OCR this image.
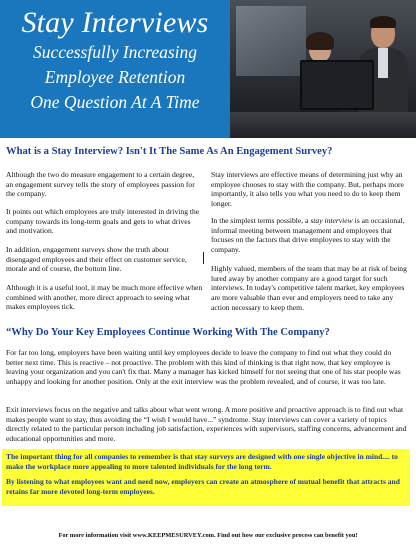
Stay Interviews
Successfully Increasing
Employee Retention
One Question At A Time
What is a Stay Interview? Isn't It The Same As An Engagement Survey?

Although the two do measure engagement to a certain degree, an engagement survey tells the story of employees passion for the company.

It points out which employees are truly interested in driving the company towards its long-term goals and gets to what drives and motivation.

In addition, engagement surveys show the truth about disengaged employees and their effect on customer service, morale and of course, the bottom line.

Although it is a useful tool, it may be much more effective when combined with another, more direct approach to seeing what makes employees tick.

Stay interviews are effective means of determining just why an employee chooses to stay with the company. But, perhaps more importantly, it also tells you what you need to do to keep them longer.

In the simplest terms possible, a stay interview is an occasional, informal meeting between management and employees that focuses on the factors that drive employees to stay with the company.

Highly valued, members of the team that may be at risk of being lured away by another company are a good target for such interviews. In today's competitive talent market, key employees are more valuable than ever and employers need to take any action necessary to keep them.

“Why Do Your Key Employees Continue Working With The Company?

For far too long, employers have been waiting until key employees decide to leave the company to find out what they could do better next time. This is reactive – not proactive. The problem with this kind of thinking is that right now, that key employee is leaving your organization and you can't fix that. Many a manager has kicked himself for not seeing that one of his star people was unhappy and looking for another position. Only at the exit interview was the problem revealed, and of course, it was too late.

Exit interviews focus on the negative and talks about what went wrong. A more positive and proactive approach is to find out what makes people want to stay, thus avoiding the “I wish I would have...” syndrome. Stay interviews can cover a variety of topics directly related to the particular person including job satisfaction, experiences with supervisors, staffing concerns, advancement and educational opportunities and more.

The important thing for all companies to remember is that stay surveys are designed with one single objective in mind.... to make the workplace more appealing to more talented individuals for the long term.

By listening to what employees want and need now, employers can create an atmosphere of mutual benefit that attracts and retains far more devoted long-term employees.

For more information visit www.KEEPMESURVEY.com. Find out how our exclusive process can benefit you!
